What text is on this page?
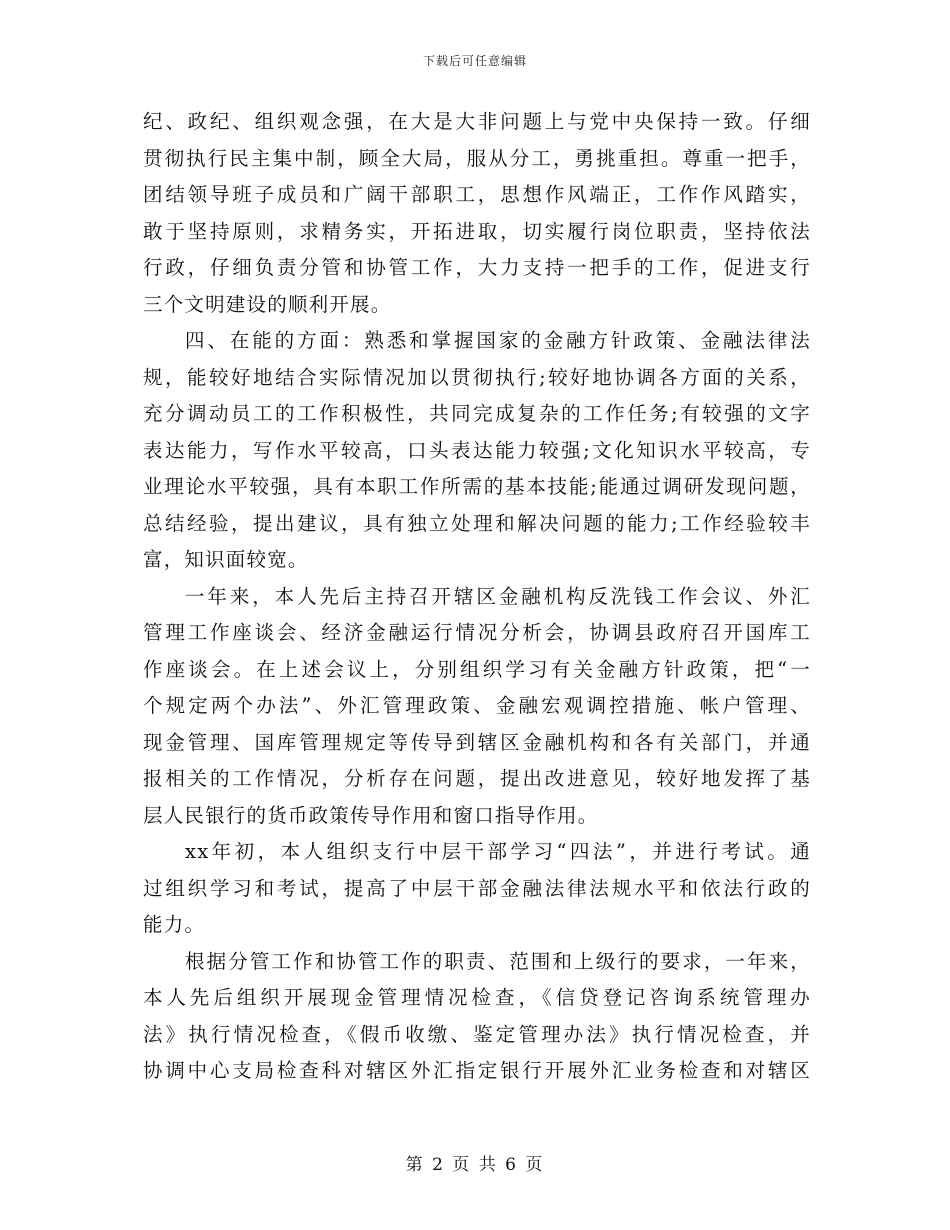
下载后可任意编辑
纪、政纪、组织观念强，在大是大非问题上与党中央保持一致。仔细
贯彻执行民主集中制，顾全大局，服从分工，勇挑重担。尊重一把手，
团结领导班子成员和广阔干部职工，思想作风端正，工作作风踏实，
敢于坚持原则，求精务实，开拓进取，切实履行岗位职责，坚持依法
行政，仔细负责分管和协管工作，大力支持一把手的工作，促进支行
三个文明建设的顺利开展。
四、在能的方面：熟悉和掌握国家的金融方针政策、金融法律法
规，能较好地结合实际情况加以贯彻执行;较好地协调各方面的关系，
充分调动员工的工作积极性，共同完成复杂的工作任务;有较强的文字
表达能力，写作水平较高，口头表达能力较强;文化知识水平较高，专
业理论水平较强，具有本职工作所需的基本技能;能通过调研发现问题，
总结经验，提出建议，具有独立处理和解决问题的能力;工作经验较丰
富，知识面较宽。
一年来，本人先后主持召开辖区金融机构反洗钱工作会议、外汇
管理工作座谈会、经济金融运行情况分析会，协调县政府召开国库工
作座谈会。在上述会议上，分别组织学习有关金融方针政策，把“一
个规定两个办法”、外汇管理政策、金融宏观调控措施、帐户管理、
现金管理、国库管理规定等传导到辖区金融机构和各有关部门，并通
报相关的工作情况，分析存在问题，提出改进意见，较好地发挥了基
层人民银行的货币政策传导作用和窗口指导作用。
xx年初，本人组织支行中层干部学习“四法”，并进行考试。通
过组织学习和考试，提高了中层干部金融法律法规水平和依法行政的
能力。
根据分管工作和协管工作的职责、范围和上级行的要求，一年来，
本人先后组织开展现金管理情况检查，《信贷登记咨询系统管理办
法》执行情况检查，《假币收缴、鉴定管理办法》执行情况检查，并
协调中心支局检查科对辖区外汇指定银行开展外汇业务检查和对辖区
第 2 页 共 6 页
